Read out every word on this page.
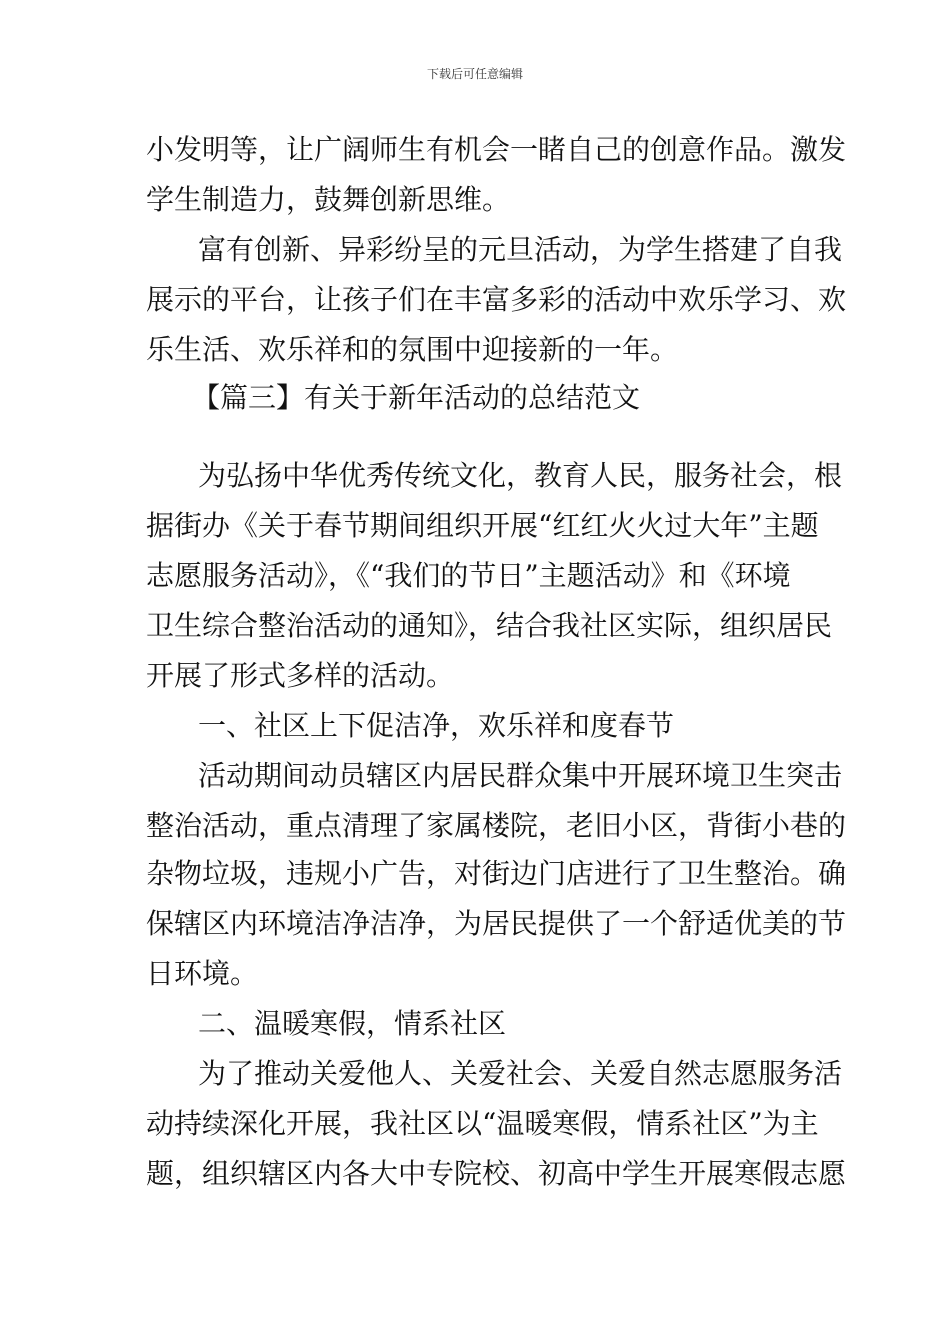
下载后可任意编辑
小发明等，让广阔师生有机会一睹自己的创意作品。激发
学生制造力，鼓舞创新思维。
富有创新、异彩纷呈的元旦活动，为学生搭建了自我
展示的平台，让孩子们在丰富多彩的活动中欢乐学习、欢
乐生活、欢乐祥和的氛围中迎接新的一年。
【篇三】有关于新年活动的总结范文
为弘扬中华优秀传统文化，教育人民，服务社会，根
据街办《关于春节期间组织开展“红红火火过大年”主题
志愿服务活动》，《“我们的节日”主题活动》和《环境
卫生综合整治活动的通知》，结合我社区实际，组织居民
开展了形式多样的活动。
一、社区上下促洁净，欢乐祥和度春节
活动期间动员辖区内居民群众集中开展环境卫生突击
整治活动，重点清理了家属楼院，老旧小区，背街小巷的
杂物垃圾，违规小广告，对街边门店进行了卫生整治。确
保辖区内环境洁净洁净，为居民提供了一个舒适优美的节
日环境。
二、温暖寒假，情系社区
为了推动关爱他人、关爱社会、关爱自然志愿服务活
动持续深化开展，我社区以“温暖寒假，情系社区”为主
题，组织辖区内各大中专院校、初高中学生开展寒假志愿
